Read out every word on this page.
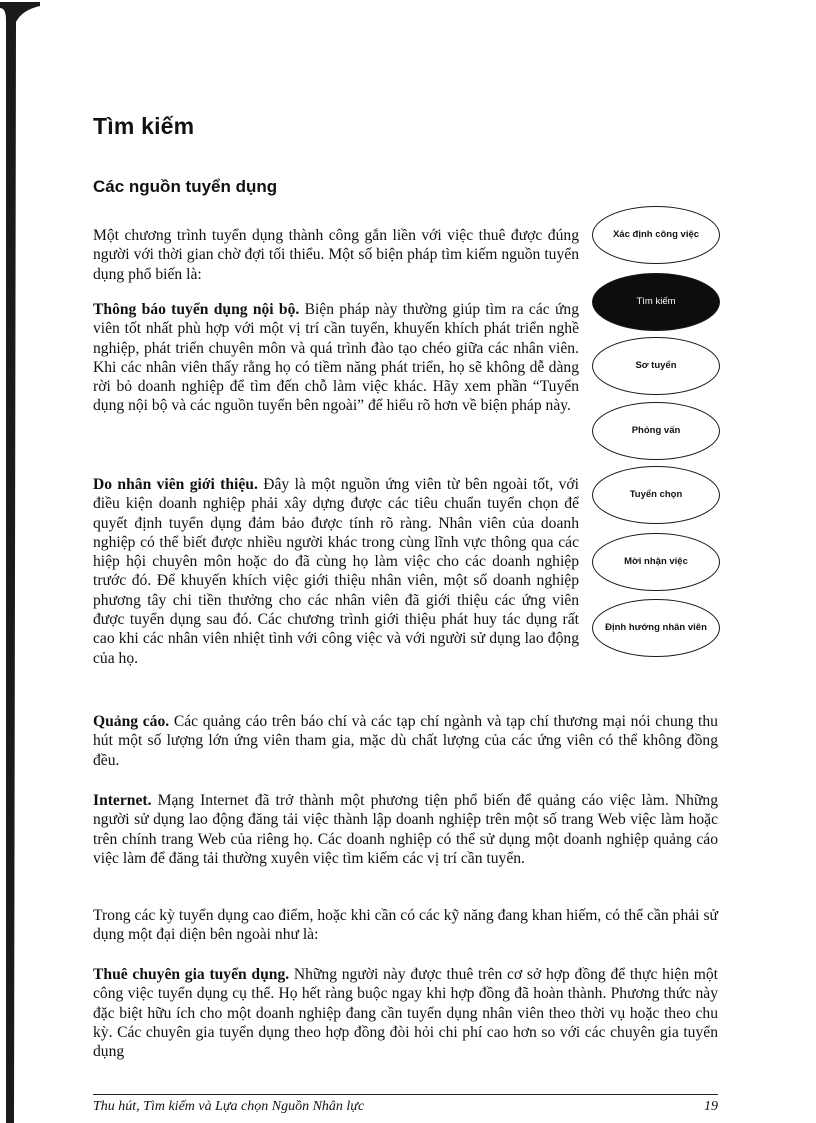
Tìm kiếm
Các nguồn tuyển dụng

Một chương trình tuyển dụng thành công gắn liền với việc thuê được đúng người với thời gian chờ đợi tối thiểu. Một số biện pháp tìm kiếm nguồn tuyển dụng phổ biến là:

Thông báo tuyển dụng nội bộ. Biện pháp này thường giúp tìm ra các ứng viên tốt nhất phù hợp với một vị trí cần tuyển, khuyến khích phát triển nghề nghiệp, phát triển chuyên môn và quá trình đào tạo chéo giữa các nhân viên. Khi các nhân viên thấy rằng họ có tiềm năng phát triển, họ sẽ không dễ dàng rời bỏ doanh nghiệp để tìm đến chỗ làm việc khác. Hãy xem phần “Tuyển dụng nội bộ và các nguồn tuyển bên ngoài” để hiểu rõ hơn về biện pháp này.

Do nhân viên giới thiệu. Đây là một nguồn ứng viên từ bên ngoài tốt, với điều kiện doanh nghiệp phải xây dựng được các tiêu chuẩn tuyển chọn để quyết định tuyển dụng đảm bảo được tính rõ ràng. Nhân viên của doanh nghiệp có thể biết được nhiều người khác trong cùng lĩnh vực thông qua các hiệp hội chuyên môn hoặc do đã cùng họ làm việc cho các doanh nghiệp trước đó. Để khuyến khích việc giới thiệu nhân viên, một số doanh nghiệp phương tây chi tiền thưởng cho các nhân viên đã giới thiệu các ứng viên được tuyển dụng sau đó. Các chương trình giới thiệu phát huy tác dụng rất cao khi các nhân viên nhiệt tình với công việc và với người sử dụng lao động của họ.

Quảng cáo. Các quảng cáo trên báo chí và các tạp chí ngành và tạp chí thương mại nói chung thu hút một số lượng lớn ứng viên tham gia, mặc dù chất lượng của các ứng viên có thể không đồng đều.

Internet. Mạng Internet đã trở thành một phương tiện phổ biến để quảng cáo việc làm. Những người sử dụng lao động đăng tải việc thành lập doanh nghiệp trên một số trang Web việc làm hoặc trên chính trang Web của riêng họ. Các doanh nghiệp có thể sử dụng một doanh nghiệp quảng cáo việc làm để đăng tải thường xuyên việc tìm kiếm các vị trí cần tuyển.

Trong các kỳ tuyển dụng cao điểm, hoặc khi cần có các kỹ năng đang khan hiếm, có thể cần phải sử dụng một đại diện bên ngoài như là:

Thuê chuyên gia tuyển dụng. Những người này được thuê trên cơ sở hợp đồng để thực hiện một công việc tuyển dụng cụ thể. Họ hết ràng buộc ngay khi hợp đồng đã hoàn thành. Phương thức này đặc biệt hữu ích cho một doanh nghiệp đang cần tuyển dụng nhân viên theo thời vụ hoặc theo chu kỳ. Các chuyên gia tuyển dụng theo hợp đồng đòi hỏi chi phí cao hơn so với các chuyên gia tuyển dụng

Xác định công việc
Tìm kiếm
Sơ tuyển
Phỏng vấn
Tuyển chọn
Mời nhận việc
Định hướng nhân viên
Thu hút, Tìm kiếm và Lựa chọn Nguồn Nhân lực	19
